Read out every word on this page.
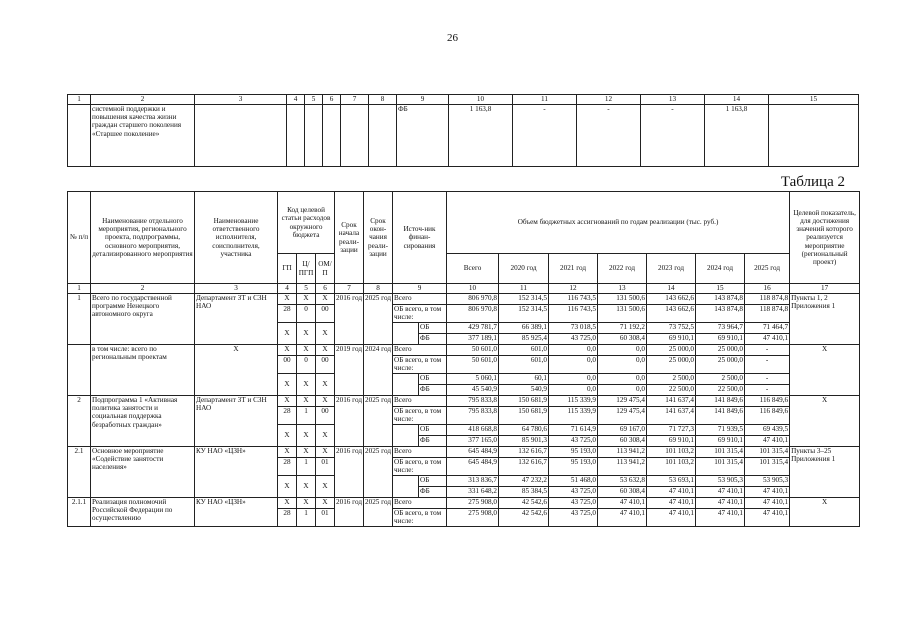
26
1	2	3	4	5	6	7	8	9	10	11	12	13	14	15
	системной поддержки и повышения качества жизни граждан старшего поколения «Старшее поколение»							ФБ	1 163,8	-	-	-	1 163,8	
Таблица 2
№ п/п	Наименование отдельного мероприятия, регионального проекта, подпрограммы, основного мероприятия, детализированного мероприятия	Наименование ответственного исполнителя, соисполнителя, участника	Код целевой статьи расходов окружного бюджета			Срок начала реали-зации	Срок окон-чания реали-зации	Источ-ник финан-сирования		Объем бюджетных ассигнований по годам реализации (тыс. руб.)							Целевой показатель, для достижения значений которого реализуется мероприятие (региональный проект)
			ГП	Ц/ПГП	ОМ/П					Всего	2020 год	2021 год	2022 год	2023 год	2024 год	2025 год	
1	2	3	4	5	6	7	8	9		10	11	12	13	14	15	16	17
1	Всего по государственной программе Ненецкого автономного округа	Департамент ЗТ и СЗН НАО	X	X	X	2016 год	2025 год	Всего		806 970,8	152 314,5	116 743,5	131 500,6	143 662,6	143 874,8	118 874,8	Пункты 1, 2 Приложения 1
			28	0	00			ОБ всего, в том числе:		806 970,8	152 314,5	116 743,5	131 500,6	143 662,6	143 874,8	118 874,8	
			X	X	X				ОБ	429 781,7	66 389,1	73 018,5	71 192,2	73 752,5	73 964,7	71 464,7	
									ФБ	377 189,1	85 925,4	43 725,0	60 308,4	69 910,1	69 910,1	47 410,1	
	в том числе: всего по региональным проектам	X	X	X	X	2019 год	2024 год	Всего		50 601,0	601,0	0,0	0,0	25 000,0	25 000,0	-	X
			00	0	00			ОБ всего, в том числе:		50 601,0	601,0	0,0	0,0	25 000,0	25 000,0	-	
			X	X	X				ОБ	5 060,1	60,1	0,0	0,0	2 500,0	2 500,0	-	
									ФБ	45 540,9	540,9	0,0	0,0	22 500,0	22 500,0	-	
2	Подпрограмма 1 «Активная политика занятости и социальная поддержка безработных граждан»	Департамент ЗТ и СЗН НАО	X	X	X	2016 год	2025 год	Всего		795 833,8	150 681,9	115 339,9	129 475,4	141 637,4	141 849,6	116 849,6	X
			28	1	00			ОБ всего, в том числе:		795 833,8	150 681,9	115 339,9	129 475,4	141 637,4	141 849,6	116 849,6	
			X	X	X				ОБ	418 668,8	64 780,6	71 614,9	69 167,0	71 727,3	71 939,5	69 439,5	
									ФБ	377 165,0	85 901,3	43 725,0	60 308,4	69 910,1	69 910,1	47 410,1	
2.1	Основное мероприятие «Содействие занятости населения»	КУ НАО «ЦЗН»	X	X	X	2016 год	2025 год	Всего		645 484,9	132 616,7	95 193,0	113 941,2	101 103,2	101 315,4	101 315,4	Пункты 3–25 Приложения 1
			28	1	01			ОБ всего, в том числе:		645 484,9	132 616,7	95 193,0	113 941,2	101 103,2	101 315,4	101 315,4	
			X	X	X				ОБ	313 836,7	47 232,2	51 468,0	53 632,8	53 693,1	53 905,3	53 905,3	
									ФБ	331 648,2	85 384,5	43 725,0	60 308,4	47 410,1	47 410,1	47 410,1	
2.1.1	Реализация полномочий Российской Федерации по осуществлению	КУ НАО «ЦЗН»	X	X	X	2016 год	2025 год	Всего		275 908,0	42 542,6	43 725,0	47 410,1	47 410,1	47 410,1	47 410,1	X
			28	1	01			ОБ всего, в том числе:		275 908,0	42 542,6	43 725,0	47 410,1	47 410,1	47 410,1	47 410,1	
